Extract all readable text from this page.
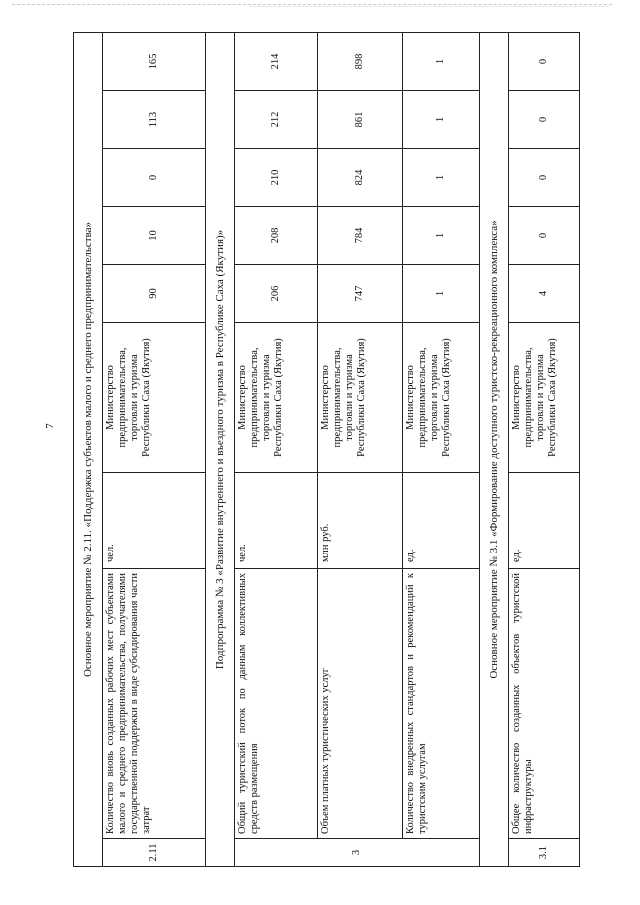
7 Основное мероприятие № 2.11. «Поддержка субъектов малого и среднего предпринимательства»								
2.11	Количество вновь созданных рабочих мест субъектами малого и среднего предпринимательства, получателями государственной поддержки в виде субсидирования части затрат	чел.	Министерство предпринимательства, торговли и туризма Республики Саха (Якутия)	90	10	0	113	165
Подпрограмма № 3 «Развитие внутреннего и въездного туризма в Республике Саха (Якутия)»								
3	Общий туристский поток по данным коллективных средств размещения	чел.	Министерство предпринимательства, торговли и туризма Республики Саха (Якутия)	206	208	210	212	214
	Объем платных туристических услуг	млн руб.	Министерство предпринимательства, торговли и туризма Республики Саха (Якутия)	747	784	824	861	898
	Количество внедренных стандартов и рекомендаций к туристским услугам	ед.	Министерство предпринимательства, торговли и туризма Республики Саха (Якутия)	1	1	1	1	1
Основное мероприятие № 3.1 «Формирование доступного туристско-рекреационного комплекса»								
3.1	Общее количество созданных объектов туристской инфраструктуры	ед.	Министерство предпринимательства, торговли и туризма Республики Саха (Якутия)	4	0	0	0	0
